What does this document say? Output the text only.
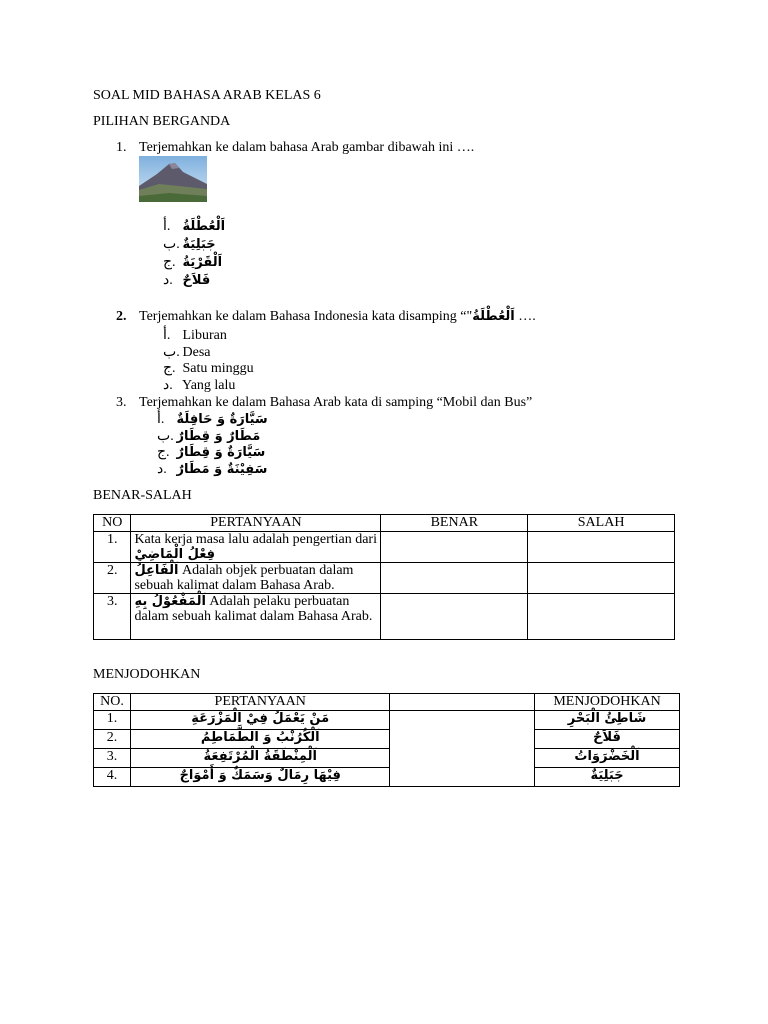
SOAL MID BAHASA ARAB KELAS 6
PILIHAN BERGANDA
1. Terjemahkan ke dalam bahasa Arab gambar dibawah ini ….
أ. اَلْعُطْلَةُ
ب. جَبَلِيَةٌ
ج. اَلْقَرْيَةُ
د. فَلاَحٌ
2. Terjemahkan ke dalam Bahasa Indonesia kata disamping “"اَلْعُطْلَةُ ….
أ. Liburan
ب. Desa
ج. Satu minggu
د. Yang lalu
3. Terjemahkan ke dalam Bahasa Arab kata di samping “Mobil dan Bus”
أ. سَيَّارَةٌ وَ حَافِلَةٌ
ب. مَطَارٌ وَ قِطَارٌ
ج. سَيَّارَةٌ وَ قِطَارٌ
د. سَفِيْنَةٌ وَ مَطَارٌ
BENAR-SALAH
NO	PERTANYAAN	BENAR	SALAH
1.	Kata kerja masa lalu adalah pengertian dari فِعْلُ الْمَاضِيْ		
2.	اَلْفَاعِلُ Adalah objek perbuatan dalam sebuah kalimat dalam Bahasa Arab.		
3.	اَلْمَفْعُوْلُ بِهِ Adalah pelaku perbuatan dalam sebuah kalimat dalam Bahasa Arab.		
MENJODOHKAN
NO.	PERTANYAAN		MENJODOHKAN
1.	مَنْ يَعْمَلُ فِيْ الْمَزْرَعَةِ		شَاطِئُ الْبَحْرِ
2.	اَلْكُرُنْبُ وَ الطَّمَاطِمُ		فَلاَحٌ
3.	اَلْمِنْطَقَةُ الْمُرْتَفِعَةُ		اَلْخَضْرَوَاتُ
4.	فِيْهَا رِمَالٌ وَسَمَكٌ وَ أَمْوَاجٌ		جَبَلِيَةٌ
